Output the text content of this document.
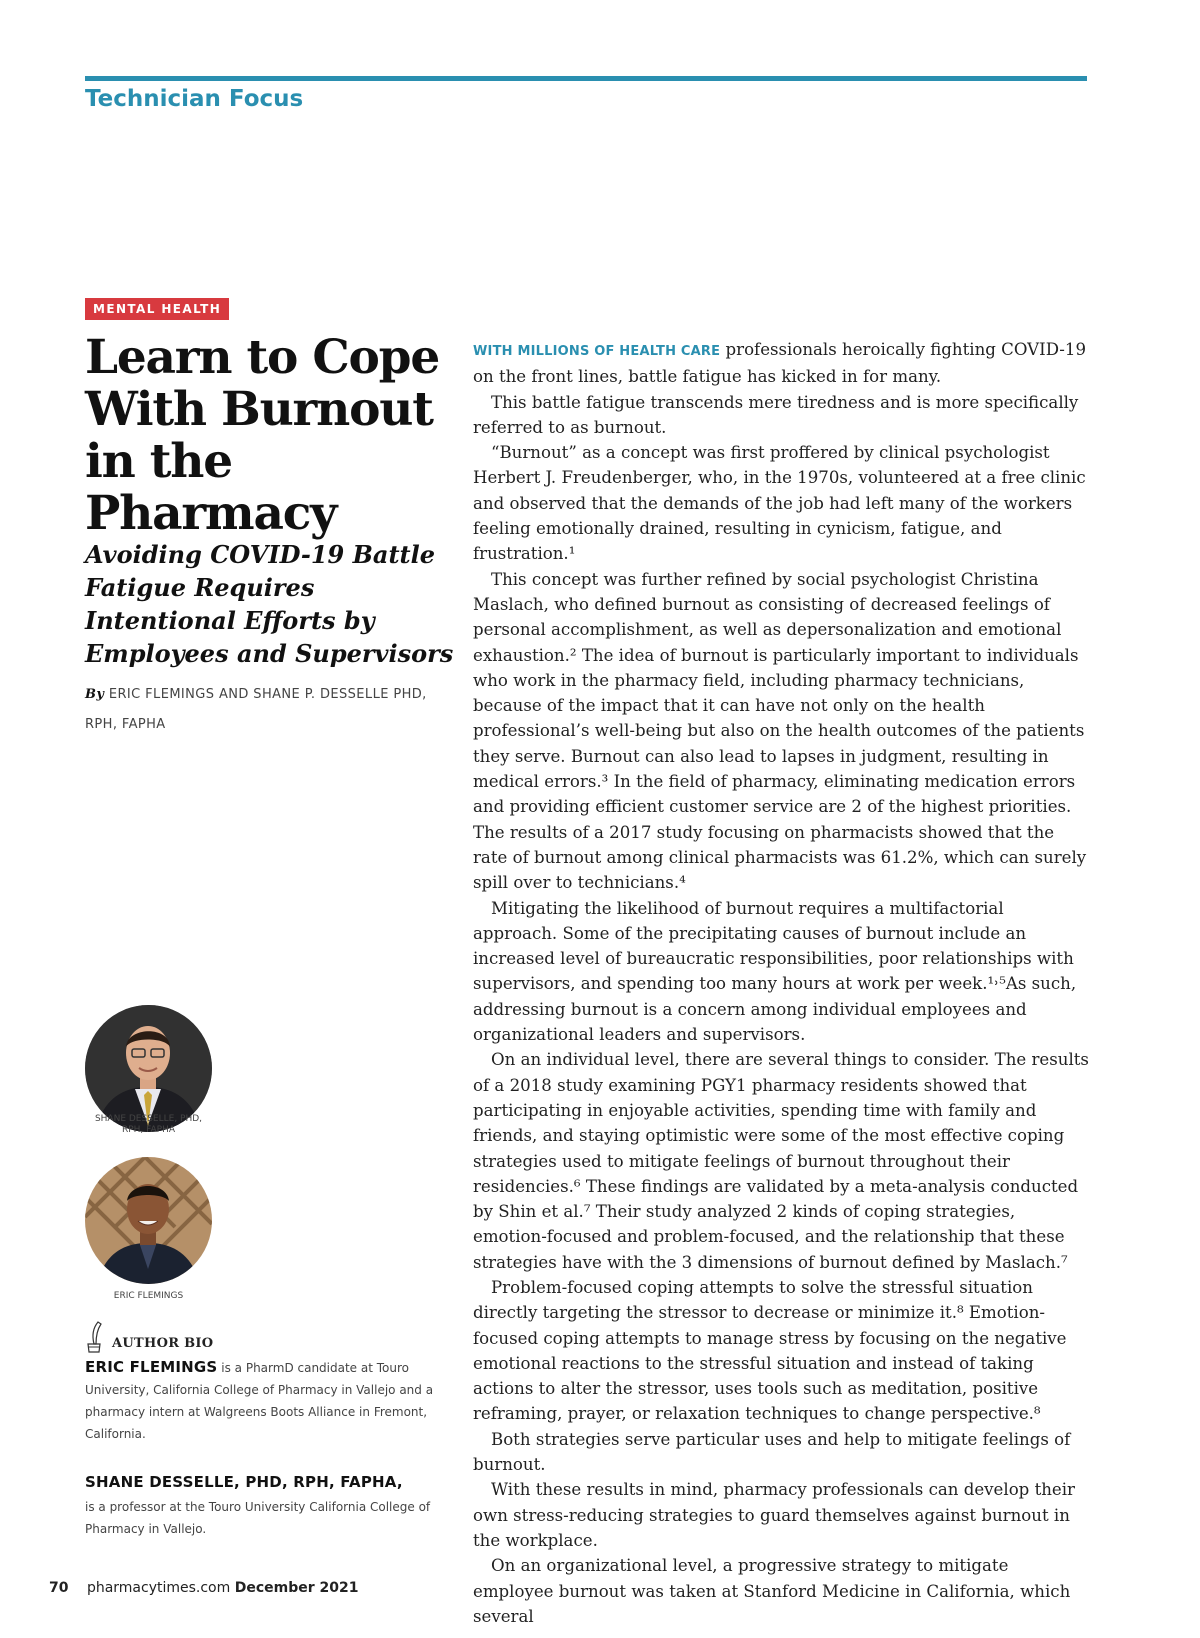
Technician Focus
MENTAL HEALTH
Learn to Cope With Burnout in the Pharmacy
Avoiding COVID-19 Battle Fatigue Requires Intentional Efforts by Employees and Supervisors
By ERIC FLEMINGS AND SHANE P. DESSELLE PHD, RPH, FAPHA
SHANE DESSELLE, PHD, RPH, FAPHA
ERIC FLEMINGS
AUTHOR BIO

ERIC FLEMINGS is a PharmD candidate at Touro University, California College of Pharmacy in Vallejo and a pharmacy intern at Walgreens Boots Alliance in Fremont, California.

SHANE DESSELLE, PHD, RPH, FAPHA,
is a professor at the Touro University California College of Pharmacy in Vallejo.

WITH MILLIONS OF HEALTH CARE professionals heroically fighting COVID-19 on the front lines, battle fatigue has kicked in for many.

This battle fatigue transcends mere tiredness and is more specifically referred to as burnout.

“Burnout” as a concept was first proffered by clinical psychologist Herbert J. Freudenberger, who, in the 1970s, volunteered at a free clinic and observed that the demands of the job had left many of the workers feeling emotionally drained, resulting in cynicism, fatigue, and frustration.¹

This concept was further refined by social psychologist Christina Maslach, who defined burnout as consisting of decreased feelings of personal accomplishment, as well as depersonalization and emotional exhaustion.² The idea of burnout is particularly important to individuals who work in the pharmacy field, including pharmacy technicians, because of the impact that it can have not only on the health professional’s well-being but also on the health outcomes of the patients they serve. Burnout can also lead to lapses in judgment, resulting in medical errors.³ In the field of pharmacy, eliminating medication errors and providing efficient customer service are 2 of the highest priorities. The results of a 2017 study focusing on pharmacists showed that the rate of burnout among clinical pharmacists was 61.2%, which can surely spill over to technicians.⁴

Mitigating the likelihood of burnout requires a multifactorial approach. Some of the precipitating causes of burnout include an increased level of bureaucratic responsibilities, poor relationships with supervisors, and spending too many hours at work per week.¹˒⁵As such, addressing burnout is a concern among individual employees and organizational leaders and supervisors.

On an individual level, there are several things to consider. The results of a 2018 study examining PGY1 pharmacy residents showed that participating in enjoyable activities, spending time with family and friends, and staying optimistic were some of the most effective coping strategies used to mitigate feelings of burnout throughout their residencies.⁶ These findings are validated by a meta-analysis conducted by Shin et al.⁷ Their study analyzed 2 kinds of coping strategies, emotion-focused and problem-focused, and the relationship that these strategies have with the 3 dimensions of burnout defined by Maslach.⁷

Problem-focused coping attempts to solve the stressful situation directly targeting the stressor to decrease or minimize it.⁸ Emotion-focused coping attempts to manage stress by focusing on the negative emotional reactions to the stressful situation and instead of taking actions to alter the stressor, uses tools such as meditation, positive reframing, prayer, or relaxation techniques to change perspective.⁸

Both strategies serve particular uses and help to mitigate feelings of burnout.

With these results in mind, pharmacy professionals can develop their own stress-reducing strategies to guard themselves against burnout in the workplace.

On an organizational level, a progressive strategy to mitigate employee burnout was taken at Stanford Medicine in California, which several

70 pharmacytimes.com December 2021
